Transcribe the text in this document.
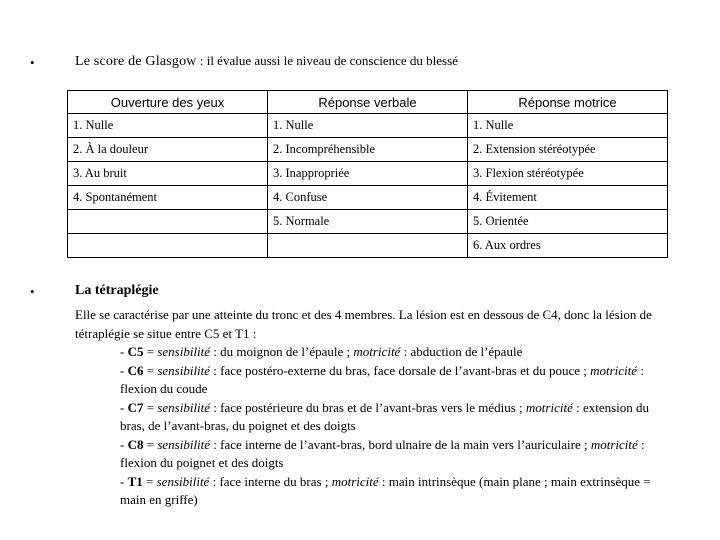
•	Le score de Glasgow : il évalue aussi le niveau de conscience du blessé
Ouverture des yeux	Réponse verbale	Réponse motrice
1. Nulle	1. Nulle	1. Nulle
2. À la douleur	2. Incompréhensible	2. Extension stéréotypée
3. Au bruit	3. Inappropriée	3. Flexion stéréotypée
4. Spontanément	4. Confuse	4. Évitement
	5. Normale	5. Orientée
		6. Aux ordres
•	La tétraplégie
Elle se caractérise par une atteinte du tronc et des 4 membres. La lésion est en dessous de C4, donc la lésion de tétraplégie se situe entre C5 et T1 :

- C5 = sensibilité : du moignon de l’épaule ; motricité : abduction de l’épaule

- C6 = sensibilité : face postéro-externe du bras, face dorsale de l’avant-bras et du pouce ; motricité : flexion du coude

- C7 = sensibilité : face postérieure du bras et de l’avant-bras vers le médius ; motricité : extension du bras, de l’avant-bras, du poignet et des doigts

- C8 = sensibilité : face interne de l’avant-bras, bord ulnaire de la main vers l’auriculaire ; motricité : flexion du poignet et des doigts

- T1 = sensibilité : face interne du bras ; motricité : main intrinsèque (main plane ; main extrinsèque = main en griffe)
